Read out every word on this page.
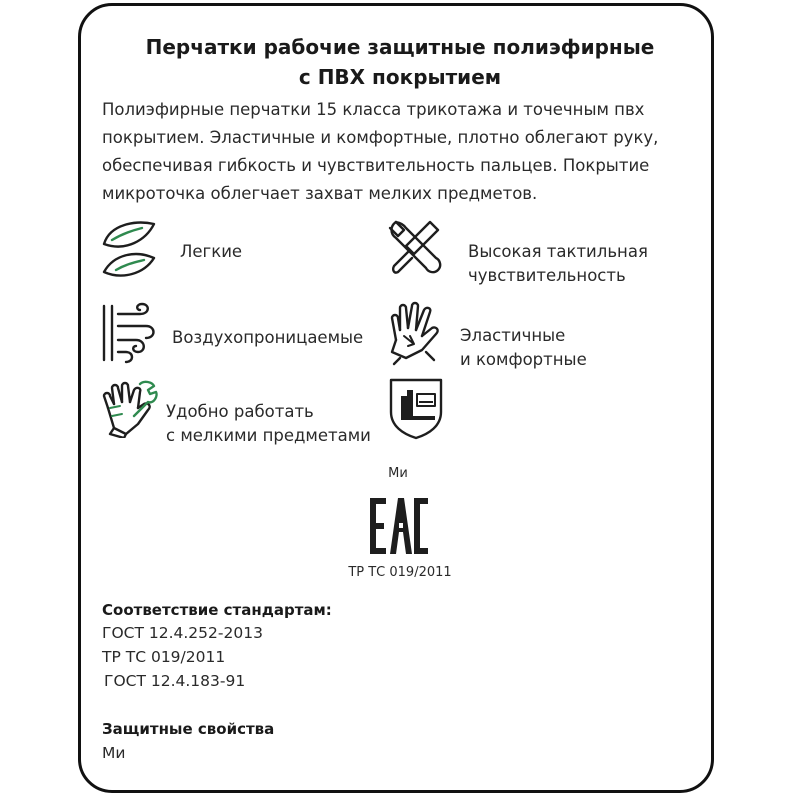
Перчатки рабочие защитные полиэфирные
с ПВХ покрытием
Полиэфирные перчатки 15 класса трикотажа и точечным пвх
покрытием. Эластичные и комфортные, плотно облегают руку,
обеспечивая гибкость и чувствительность пальцев. Покрытие
микроточка облегчает захват мелких предметов.
Легкие	Высокая тактильная
чувствительность
Воздухопроницаемые	Эластичные
и комфортные
Удобно работать
с мелкими предметами
Ми
ТР ТС 019/2011
Соответствие стандартам:
ГОСТ 12.4.252-2013
ТР ТС 019/2011
ГОСТ 12.4.183-91
Защитные свойства
Ми
